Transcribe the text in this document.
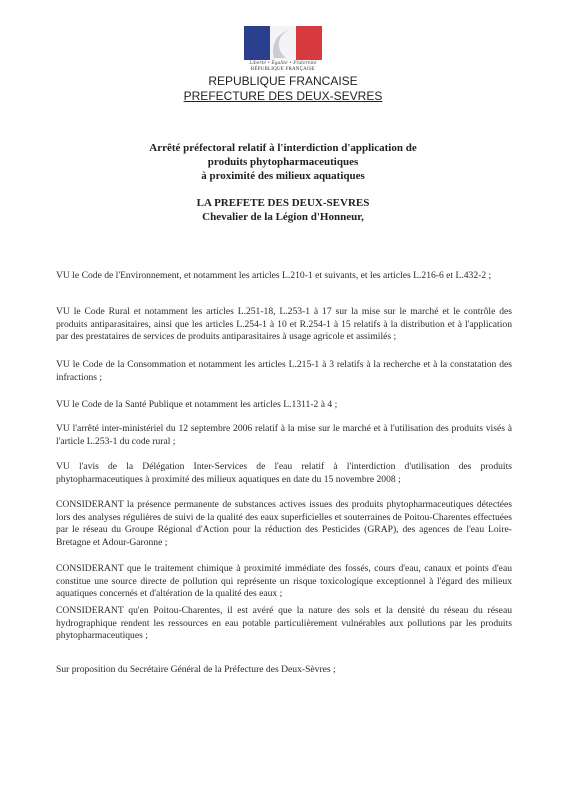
Liberté • Égalité • Fraternité
RÉPUBLIQUE FRANÇAISE
REPUBLIQUE FRANCAISE
PREFECTURE DES DEUX-SEVRES
Arrêté préfectoral relatif à l'interdiction d'application de
produits phytopharmaceutiques
à proximité des milieux aquatiques
LA PREFETE DES DEUX-SEVRES
Chevalier de la Légion d'Honneur,
VU le Code de l'Environnement, et notamment les articles L.210-1 et suivants, et les articles L.216-6 et L.432-2 ;
VU le Code Rural et notamment les articles L.251-18, L.253-1 à 17 sur la mise sur le marché et le contrôle des produits antiparasitaires, ainsi que les articles L.254-1 à 10 et R.254-1 à 15 relatifs à la distribution et à l'application par des prestataires de services de produits antiparasitaires à usage agricole et assimilés ;
VU le Code de la Consommation et notamment les articles L.215-1 à 3 relatifs à la recherche et à la constatation des infractions ;
VU le Code de la Santé Publique et notamment les articles L.1311-2 à 4 ;
VU l'arrêté inter-ministériel du 12 septembre 2006 relatif à la mise sur le marché et à l'utilisation des produits visés à l'article L.253-1 du code rural ;
VU l'avis de la Délégation Inter-Services de l'eau relatif à l'interdiction d'utilisation des produits phytopharmaceutiques à proximité des milieux aquatiques en date du 15 novembre 2008 ;
CONSIDERANT la présence permanente de substances actives issues des produits phytopharmaceutiques détectées lors des analyses régulières de suivi de la qualité des eaux superficielles et souterraines de Poitou-Charentes effectuées par le réseau du Groupe Régional d'Action pour la réduction des Pesticides (GRAP), des agences de l'eau Loire-Bretagne et Adour-Garonne ;
CONSIDERANT que le traitement chimique à proximité immédiate des fossés, cours d'eau, canaux et points d'eau constitue une source directe de pollution qui représente un risque toxicologique exceptionnel à l'égard des milieux aquatiques concernés et d'altération de la qualité des eaux ;
CONSIDERANT qu'en Poitou-Charentes, il est avéré que la nature des sols et la densité du réseau du réseau hydrographique rendent les ressources en eau potable particulièrement vulnérables aux pollutions par les produits phytopharmaceutiques ;
Sur proposition du Secrétaire Général de la Préfecture des Deux-Sèvres ;
